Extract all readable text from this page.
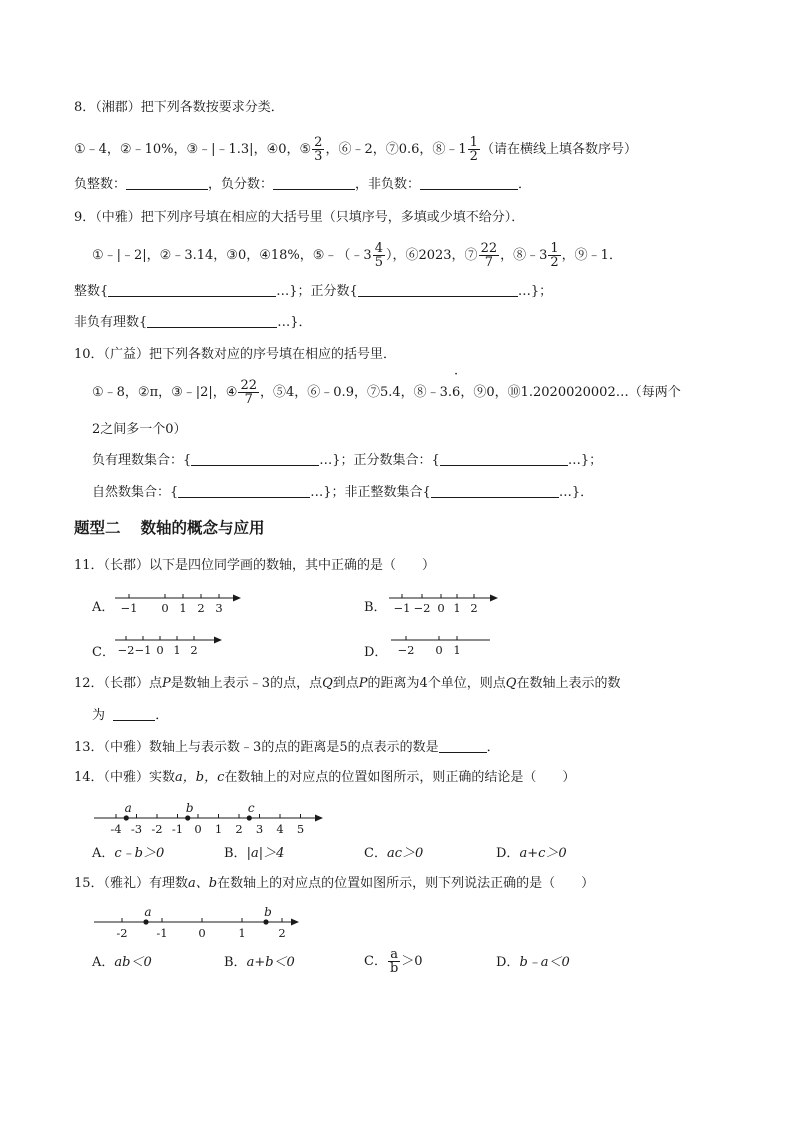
8．（湘郡）把下列各数按要求分类．
①﹣4，②﹣10%，③﹣|﹣1.3|，④0，⑤ $\frac{2}{3}$ ，⑥﹣2，⑦0.6，⑧﹣1 $\frac{1}{2}$ （请在横线上填各数序号）
负整数：	，负分数：	，非负数：	．
9．（中雅）把下列序号填在相应的大括号里（只填序号，多填或少填不给分）．
①﹣|﹣2|，②﹣3.14，③0，④18%，⑤﹣（﹣3 $\frac{4}{5}$ ），⑥2023，⑦ $\frac{22}{7}$ ，⑧﹣3 $\frac{1}{2}$ ，⑨﹣1．
整数{	…}；正分数{	…}；
非负有理数{	…}．
10．（广益）把下列各数对应的序号填在相应的括号里．
①﹣8，②π，③﹣|2|，④ $\frac{22}{7}$ ，⑤4，⑥﹣0.9，⑦5.4，⑧﹣3.
·
6，⑨0，⑩1.2020020002…（每两个
2之间多一个0）
负有理数集合：{	…}；正分数集合：{	…}；
自然数集合：{	…}；非正整数集合{	…}．
题型二 数轴的概念与应用
11．（长郡）以下是四位同学画的数轴，其中正确的是（　　）
A． −1 0 1 2 3	B． −1 −2 0 1 2
C． −2 −1 0 1 2	D． −2 0 1
12．（长郡）点P是数轴上表示﹣3的点，点Q到点P的距离为4个单位，则点Q在数轴上表示的数
为	．
13．（中雅）数轴上与表示数﹣3的点的距离是5的点表示的数是	．
14．（中雅）实数a，b，c在数轴上的对应点的位置如图所示，则正确的结论是（　　）
-4 -3 -2 -1 0 1 2 3 4 5
a	b	c
A．c﹣b＞0	B．|a|＞4	C．ac＞0	D．a+c＞0
15．（雅礼）有理数a、b在数轴上的对应点的位置如图所示，则下列说法正确的是（　　）
-2	-1	0	1	2
a	b
A．ab＜0	B．a+b＜0	C． $\frac{a}{b} >0$	D．b﹣a＜0
